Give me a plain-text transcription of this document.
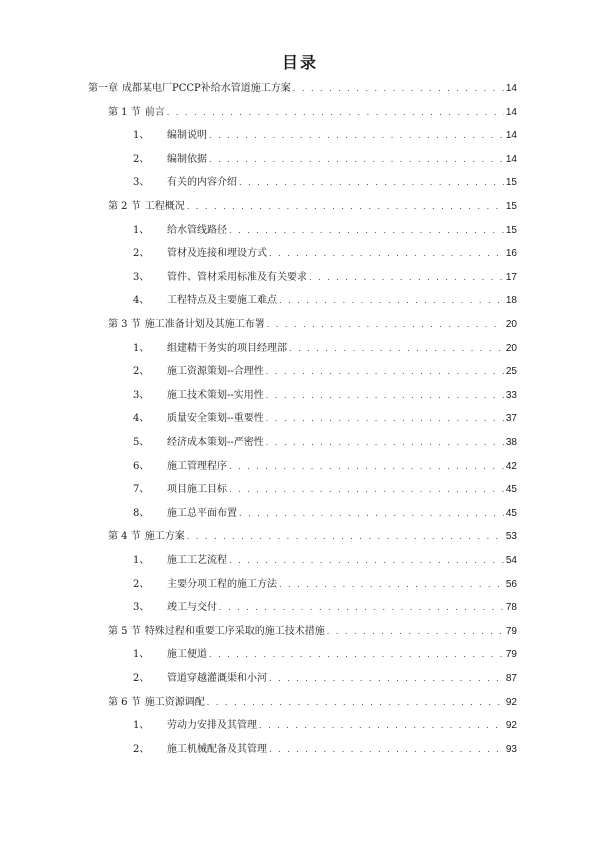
目录
第一章 成都某电厂PCCP补给水管道施工方案 . . .	14
第 1 节 前言 . . .	14
1、 编制说明 . . .	14
2、 编制依据 . . .	14
3、 有关的内容介绍 . . .	15
第 2 节 工程概况 . . .	15
1、 给水管线路径 . . .	15
2、 管材及连接和埋设方式 . . .	16
3、 管件、管材采用标准及有关要求 . . .	17
4、 工程特点及主要施工难点 . . .	18
第 3 节 施工准备计划及其施工布署 . . .	20
1、 组建精干务实的项目经理部 . . .	20
2、 施工资源策划--合理性 . . .	25
3、 施工技术策划--实用性 . . .	33
4、 质量安全策划--重要性 . . .	37
5、 经济成本策划--严密性 . . .	38
6、 施工管理程序 . . .	42
7、 项目施工目标 . . .	45
8、 施工总平面布置 . . .	45
第 4 节 施工方案 . . .	53
1、 施工工艺流程 . . .	54
2、 主要分项工程的施工方法 . . .	56
3、 竣工与交付 . . .	78
第 5 节 特殊过程和重要工序采取的施工技术措施 . . .	79
1、 施工便道 . . .	79
2、 管道穿越灌溉渠和小河 . . .	87
第 6 节 施工资源调配 . . .	92
1、 劳动力安排及其管理 . . .	92
2、 施工机械配备及其管理 . . .	93
